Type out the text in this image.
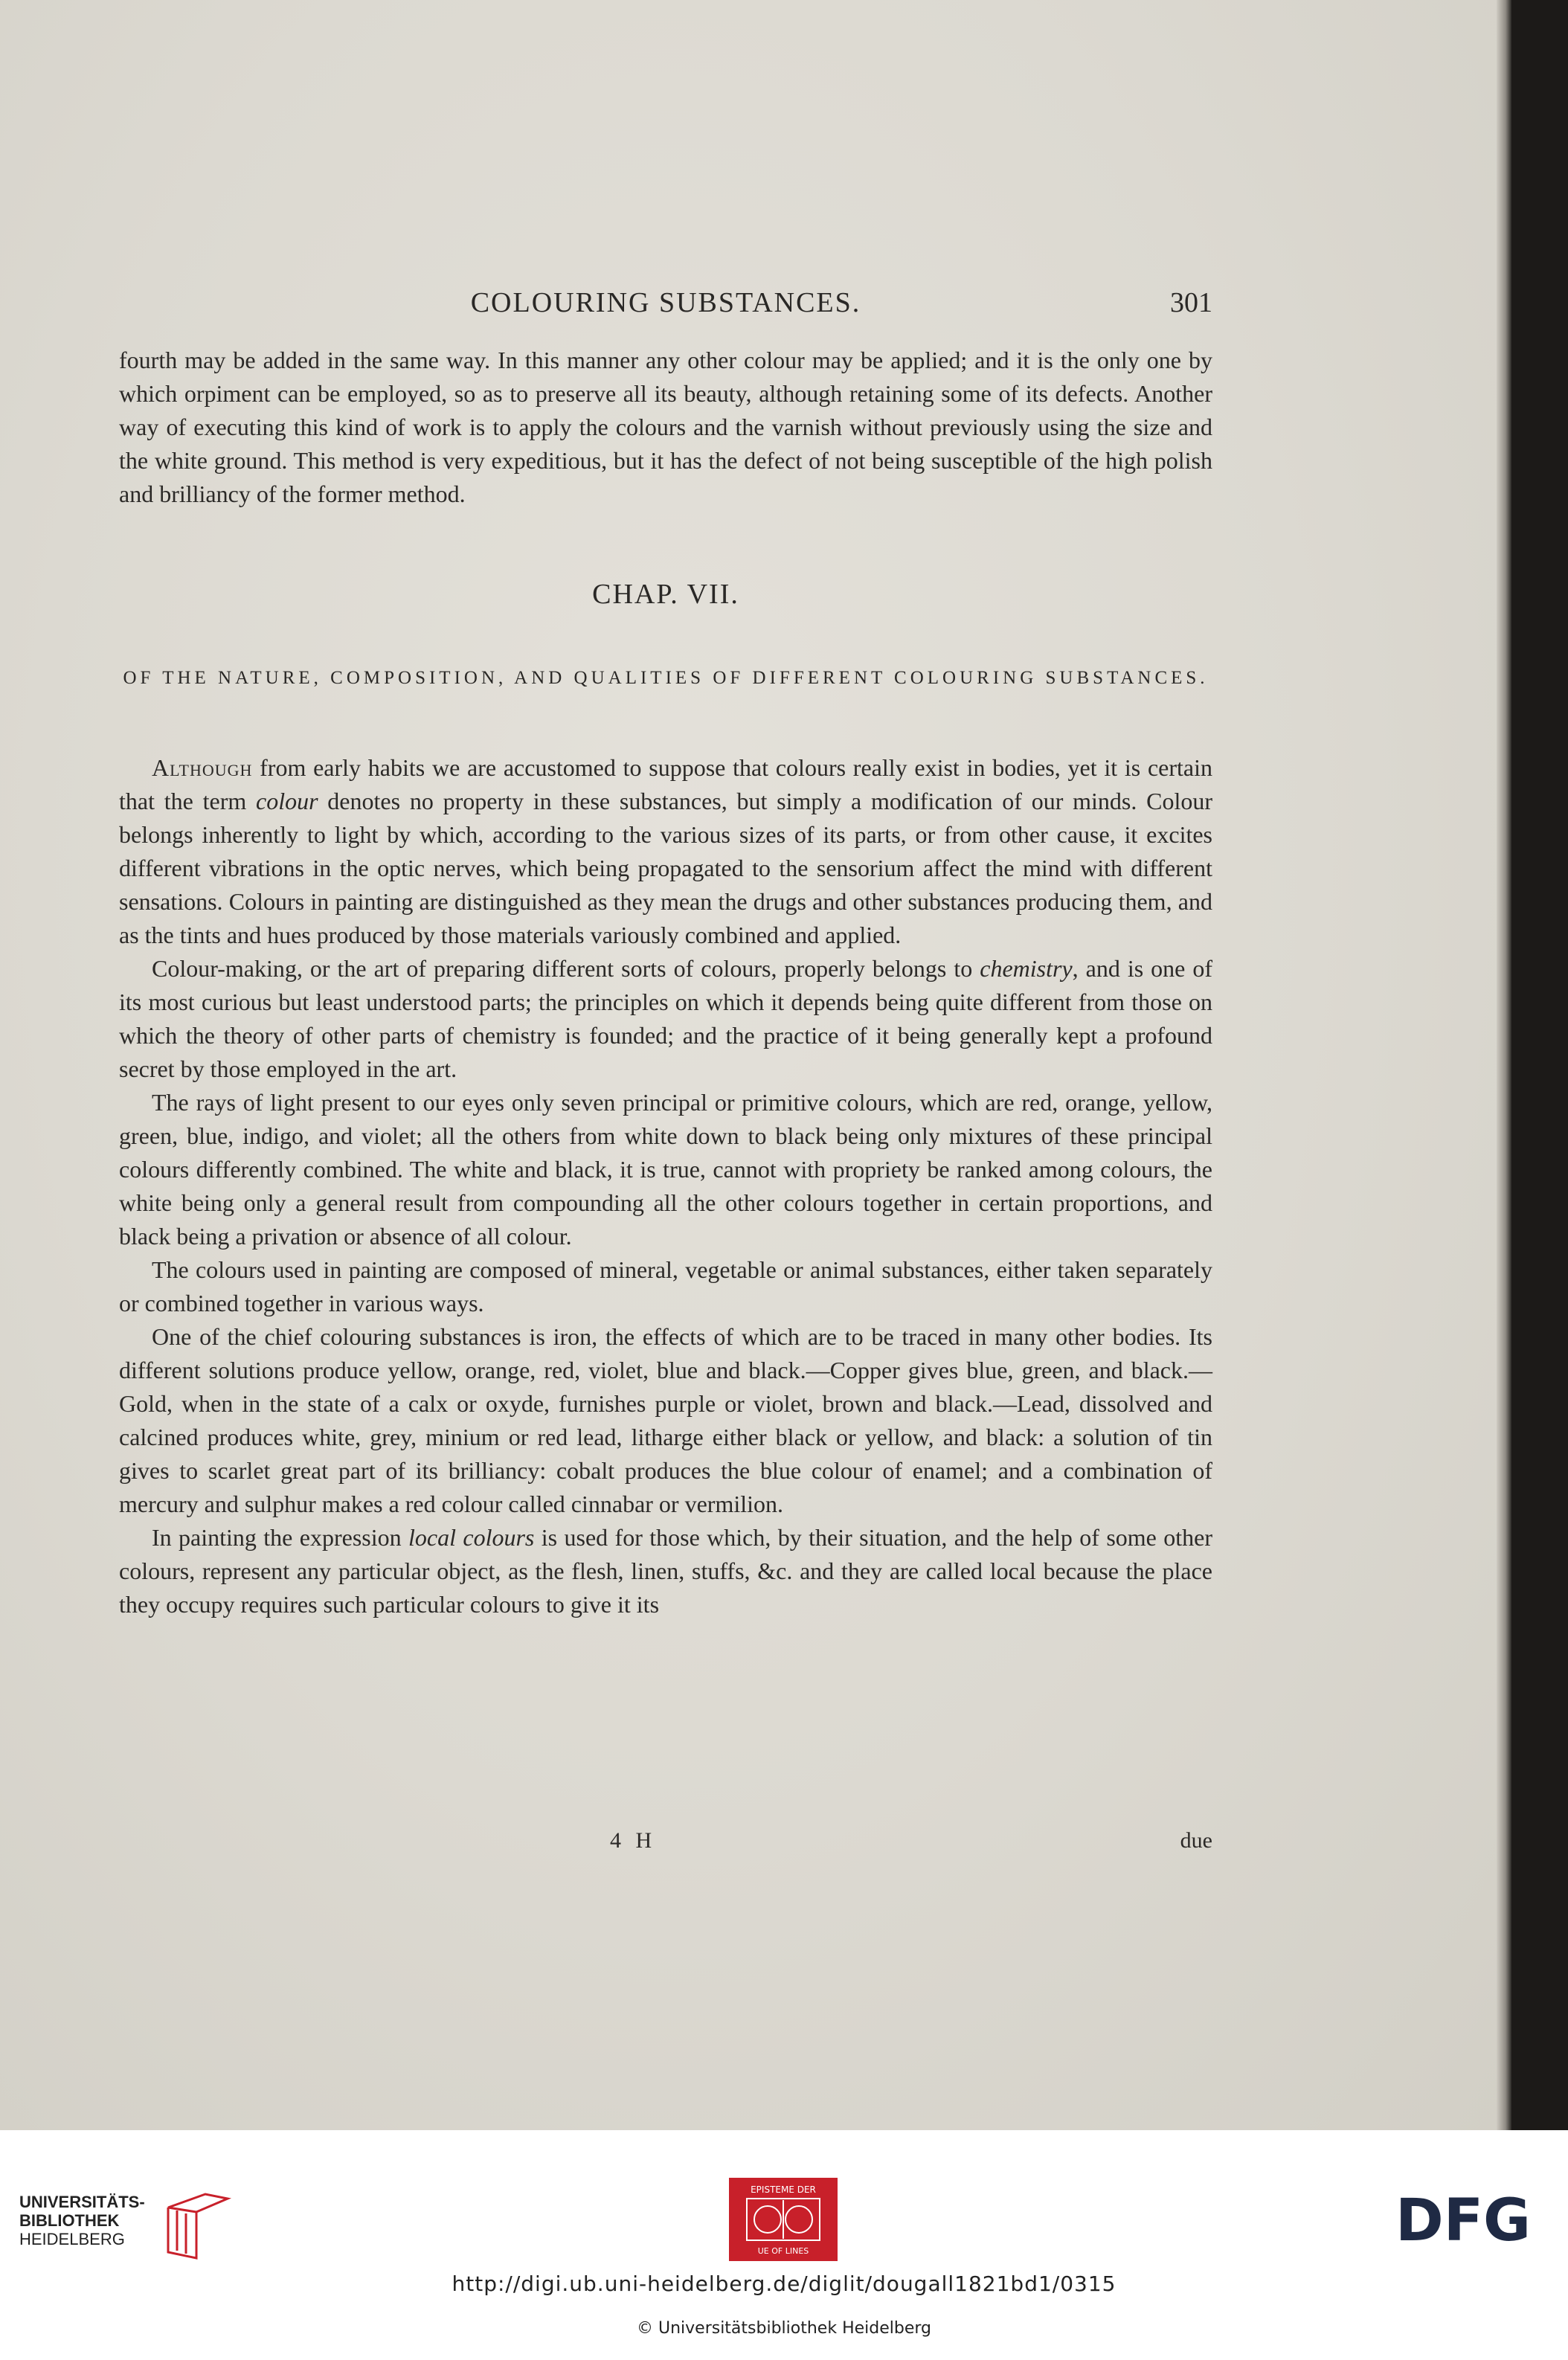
COLOURING SUBSTANCES.	301

fourth may be added in the same way. In this manner any other colour may be applied; and it is the only one by which orpiment can be employed, so as to preserve all its beauty, although retaining some of its defects. Another way of executing this kind of work is to apply the colours and the varnish without previously using the size and the white ground. This method is very expeditious, but it has the defect of not being susceptible of the high polish and brilliancy of the former method.

CHAP. VII.
OF THE NATURE, COMPOSITION, AND QUALITIES OF DIFFERENT COLOURING SUBSTANCES.

Although from early habits we are accustomed to suppose that colours really exist in bodies, yet it is certain that the term colour denotes no property in these substances, but simply a modification of our minds. Colour belongs inherently to light by which, according to the various sizes of its parts, or from other cause, it excites different vibrations in the optic nerves, which being propagated to the sensorium affect the mind with different sensations. Colours in painting are distinguished as they mean the drugs and other substances producing them, and as the tints and hues produced by those materials variously combined and applied.

Colour-making, or the art of preparing different sorts of colours, properly belongs to chemistry, and is one of its most curious but least understood parts; the principles on which it depends being quite different from those on which the theory of other parts of chemistry is founded; and the practice of it being generally kept a profound secret by those employed in the art.

The rays of light present to our eyes only seven principal or primitive colours, which are red, orange, yellow, green, blue, indigo, and violet; all the others from white down to black being only mixtures of these principal colours differently combined. The white and black, it is true, cannot with propriety be ranked among colours, the white being only a general result from compounding all the other colours together in certain proportions, and black being a privation or absence of all colour.

The colours used in painting are composed of mineral, vegetable or animal substances, either taken separately or combined together in various ways.

One of the chief colouring substances is iron, the effects of which are to be traced in many other bodies. Its different solutions produce yellow, orange, red, violet, blue and black.—Copper gives blue, green, and black.—Gold, when in the state of a calx or oxyde, furnishes purple or violet, brown and black.—Lead, dissolved and calcined produces white, grey, minium or red lead, litharge either black or yellow, and black: a solution of tin gives to scarlet great part of its brilliancy: cobalt produces the blue colour of enamel; and a combination of mercury and sulphur makes a red colour called cinnabar or vermilion.

In painting the expression local colours is used for those which, by their situation, and the help of some other colours, represent any particular object, as the flesh, linen, stuffs, &c. and they are called local because the place they occupy requires such particular colours to give it its

4 H	due
UNIVERSITÄTS-
BIBLIOTHEK
HEIDELBERG
EPISTEME DER
UE OF LINES	DFG
http://digi.ub.uni-heidelberg.de/diglit/dougall1821bd1/0315
© Universitätsbibliothek Heidelberg
